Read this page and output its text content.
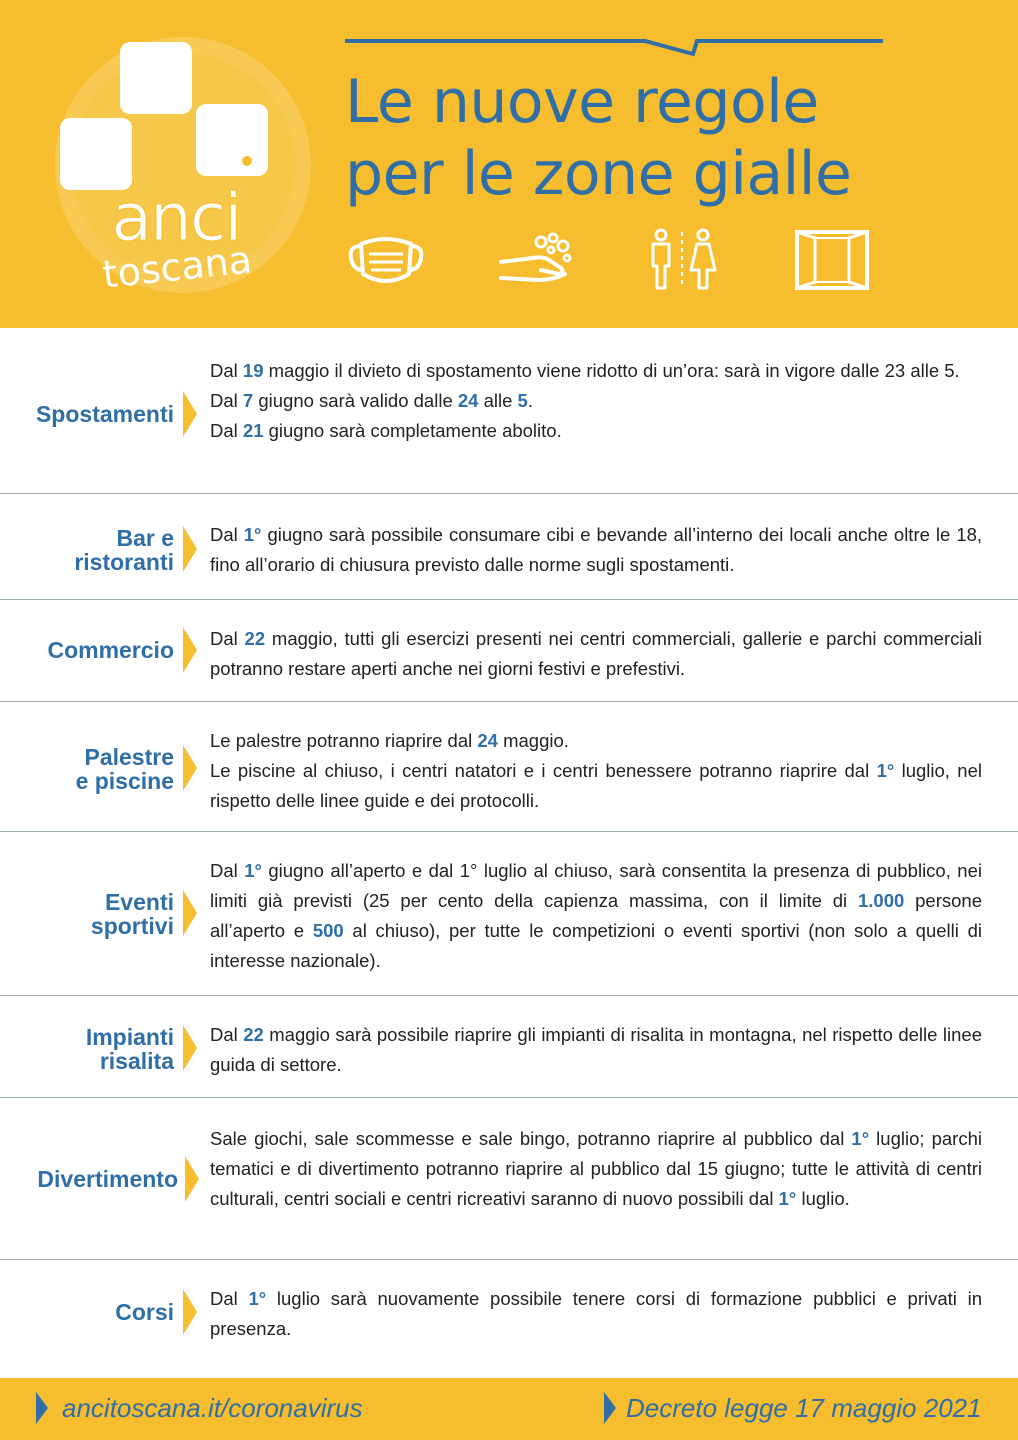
anci
toscana
Le nuove regole
per le zone gialle
Spostamenti

Dal 19 maggio il divieto di spostamento viene ridotto di un’ora: sarà in vigore dalle 23 alle 5.

Dal 7 giugno sarà valido dalle 24 alle 5.

Dal 21 giugno sarà completamente abolito.

Bar e
ristoranti

Dal 1° giugno sarà possibile consumare cibi e bevande all’interno dei locali anche oltre le 18, fino all’orario di chiusura previsto dalle norme sugli spostamenti.

Commercio Dal 22 maggio, tutti gli esercizi presenti nei centri commerciali, gallerie e parchi commerciali potranno restare aperti anche nei giorni festivi e prefestivi.

Palestre
e piscine

Le palestre potranno riaprire dal 24 maggio.

Le piscine al chiuso, i centri natatori e i centri benessere potranno riaprire dal 1° luglio, nel rispetto delle linee guide e dei protocolli.

Eventi
sportivi

Dal 1° giugno all’aperto e dal 1° luglio al chiuso, sarà consentita la presenza di pubblico, nei limiti già previsti (25 per cento della capienza massima, con il limite di 1.000 persone all’aperto e 500 al chiuso), per tutte le competizioni o eventi sportivi (non solo a quelli di interesse nazionale).

Impianti
risalita

Dal 22 maggio sarà possibile riaprire gli impianti di risalita in montagna, nel rispetto delle linee guida di settore.

Divertimento

Sale giochi, sale scommesse e sale bingo, potranno riaprire al pubblico dal 1° luglio; parchi tematici e di divertimento potranno riaprire al pubblico dal 15 giugno; tutte le attività di centri culturali, centri sociali e centri ricreativi saranno di nuovo possibili dal 1° luglio.

Corsi

Dal 1° luglio sarà nuovamente possibile tenere corsi di formazione pubblici e privati in presenza.

ancitoscana.it/coronavirus	Decreto legge 17 maggio 2021
